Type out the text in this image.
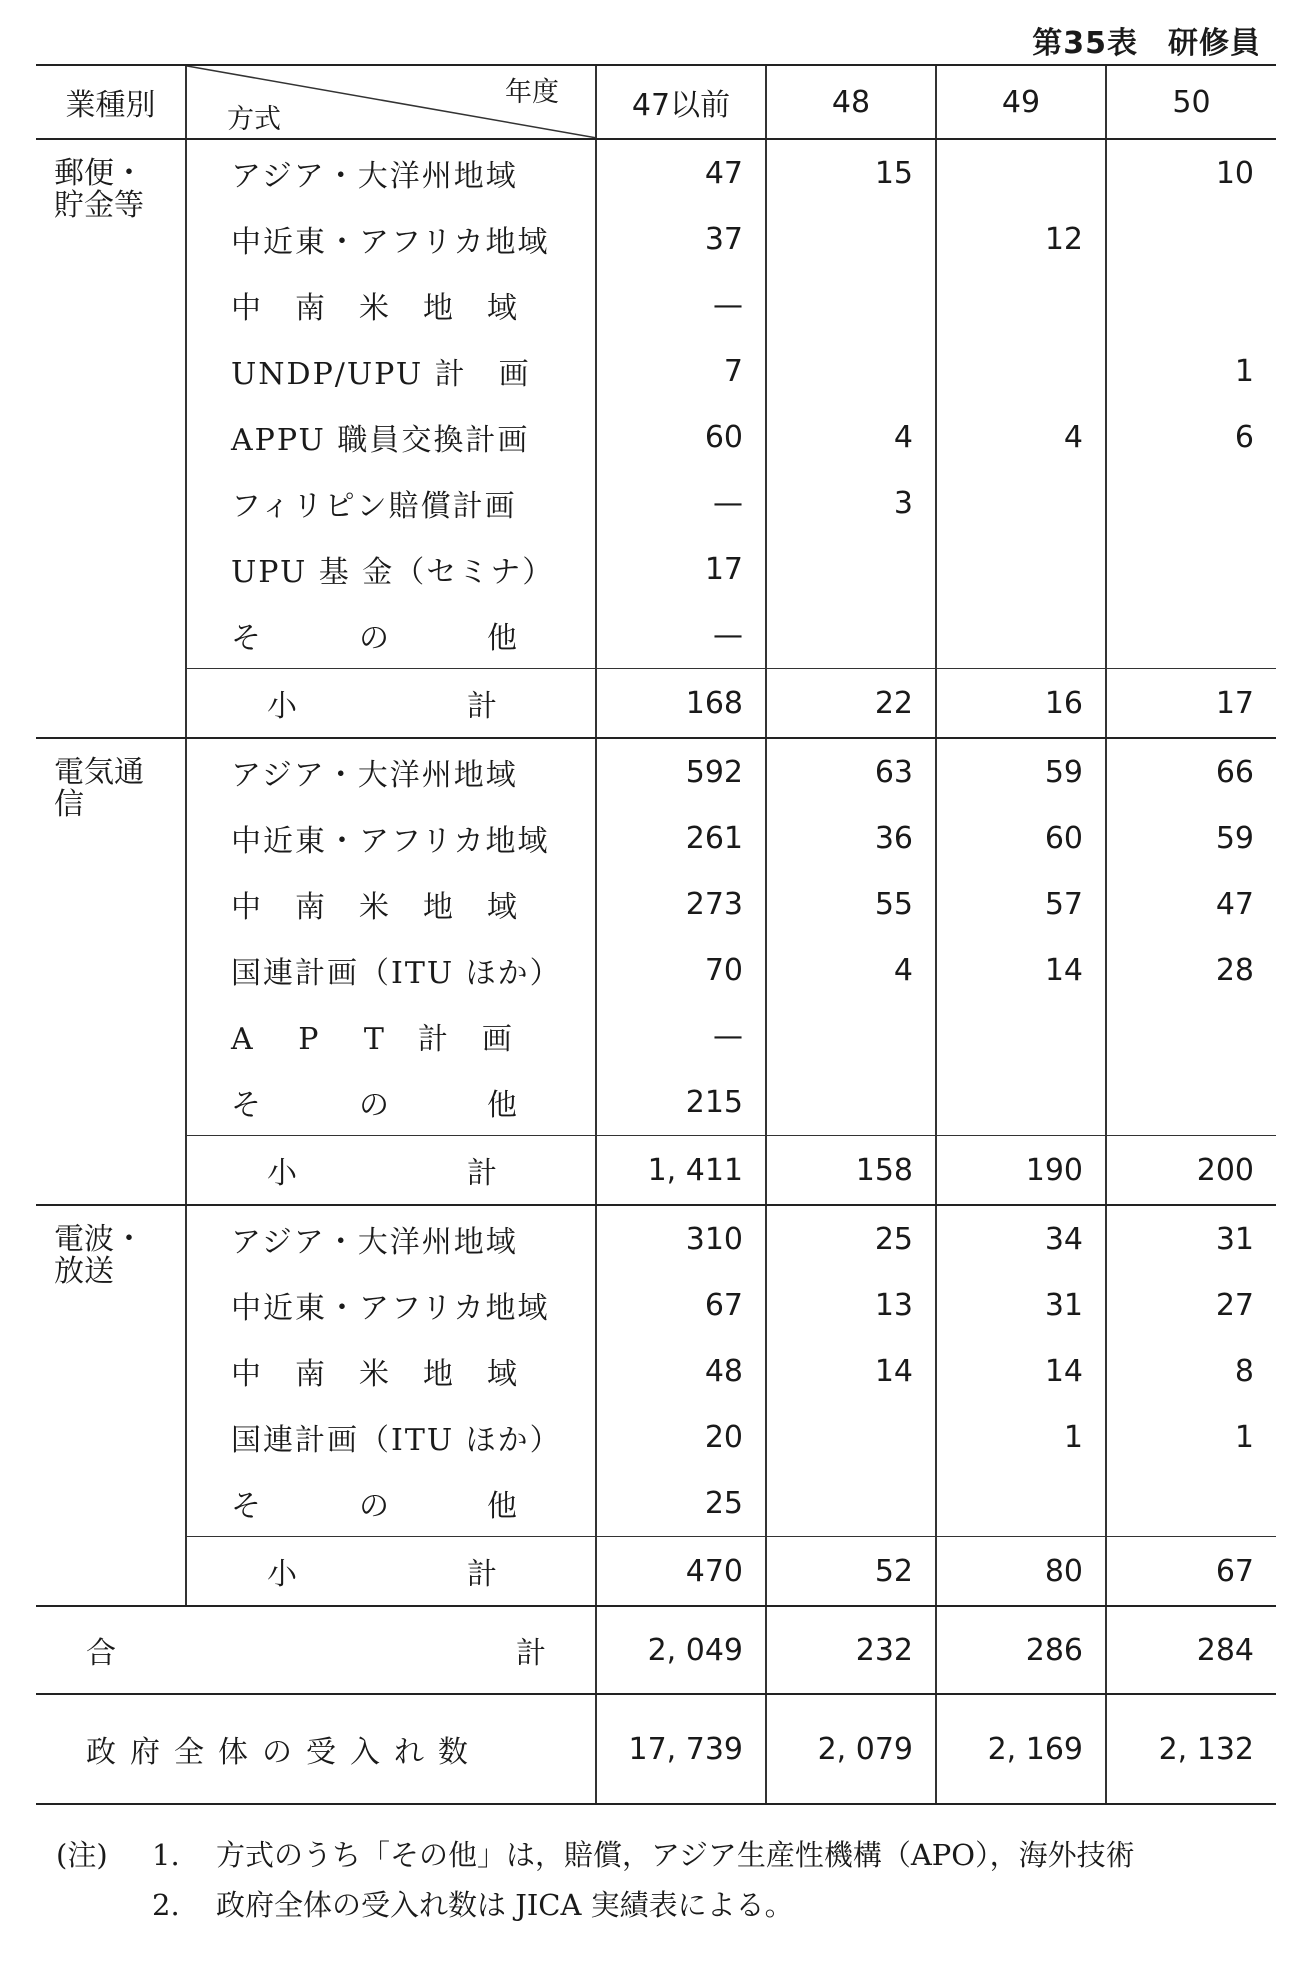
第35表 研修員
業種別	年度
方式	47以前	48	49	50
郵便・
貯金等	アジア・大洋州地域	47	15		10
	中近東・アフリカ地域	37		12	
	中　南　米　地　域	—			
	UNDP/UPU 計　画	7			1
	APPU 職員交換計画	60	4	4	6
	フィリピン賠償計画	—	3		
	UPU 基 金（セミナ）	17			
	そ　　　の　　　他	—			
	小 計	168	22	16	17
電気通
信	アジア・大洋州地域	592	63	59	66
	中近東・アフリカ地域	261	36	60	59
	中　南　米　地　域	273	55	57	47
	国連計画（ITU ほか）	70	4	14	28
	A　 P　 T　計　画	—			
	そ　　　の　　　他	215			
	小 計	1, 411	158	190	200
電波・
放送	アジア・大洋州地域	310	25	34	31
	中近東・アフリカ地域	67	13	31	27
	中　南　米　地　域	48	14	14	8
	国連計画（ITU ほか）	20		1	1
	そ　　　の　　　他	25			
	小 計	470	52	80	67
合 計		2, 049	232	286	284
政府全体の受入れ数		17, 739	2, 079	2, 169	2, 132
(注) 1. 方式のうち「その他」は，賠償，アジア生産性機構（APO），海外技術
2. 政府全体の受入れ数は JICA 実績表による。
